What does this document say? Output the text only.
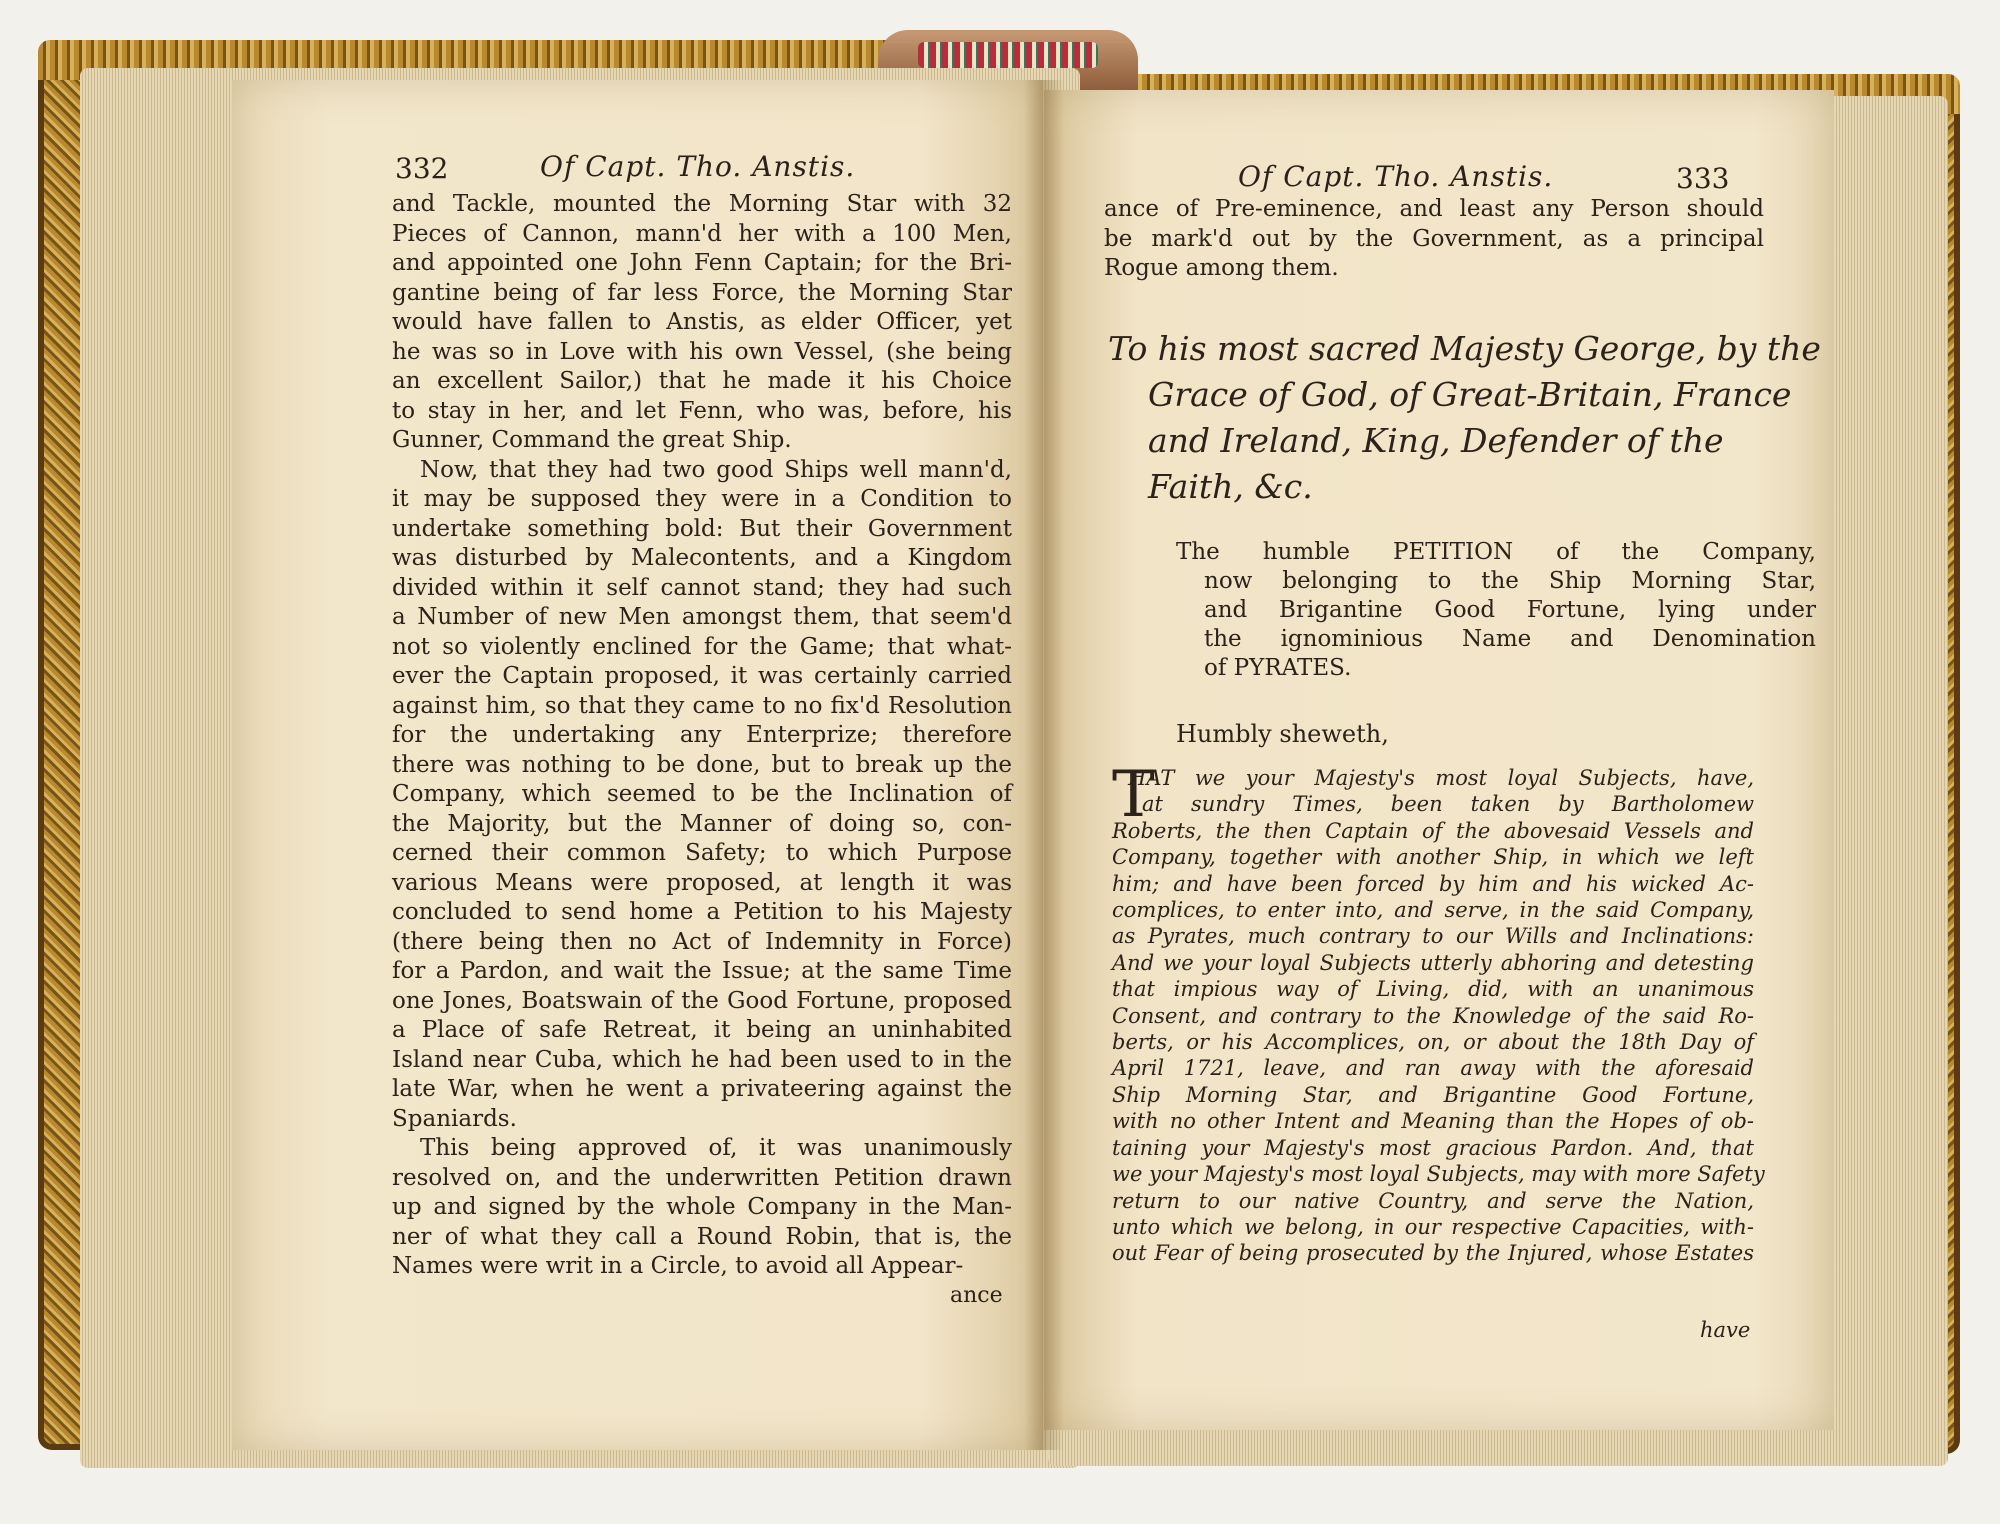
332	Of Capt. Tho. Anstis.
and Tackle, mounted the Morning Star with 32
Pieces of Cannon, mann'd her with a 100 Men,
and appointed one John Fenn Captain; for the Bri-
gantine being of far less Force, the Morning Star
would have fallen to Anstis, as elder Officer, yet
he was so in Love with his own Vessel, (she being
an excellent Sailor,) that he made it his Choice
to stay in her, and let Fenn, who was, before, his
Gunner, Command the great Ship.
Now, that they had two good Ships well mann'd,
it may be supposed they were in a Condition to
undertake something bold: But their Government
was disturbed by Malecontents, and a Kingdom
divided within it self cannot stand; they had such
a Number of new Men amongst them, that seem'd
not so violently enclined for the Game; that what-
ever the Captain proposed, it was certainly carried
against him, so that they came to no fix'd Resolution
for the undertaking any Enterprize; therefore
there was nothing to be done, but to break up the
Company, which seemed to be the Inclination of
the Majority, but the Manner of doing so, con-
cerned their common Safety; to which Purpose
various Means were proposed, at length it was
concluded to send home a Petition to his Majesty
(there being then no Act of Indemnity in Force)
for a Pardon, and wait the Issue; at the same Time
one Jones, Boatswain of the Good Fortune, proposed
a Place of safe Retreat, it being an uninhabited
Island near Cuba, which he had been used to in the
late War, when he went a privateering against the
Spaniards.
This being approved of, it was unanimously
resolved on, and the underwritten Petition drawn
up and signed by the whole Company in the Man-
ner of what they call a Round Robin, that is, the
Names were writ in a Circle, to avoid all Appear-
ance
Of Capt. Tho. Anstis.	333
ance of Pre-eminence, and least any Person should
be mark'd out by the Government, as a principal
Rogue among them.
To his most sacred Majesty George, by the
Grace of God, of Great-Britain, France
and Ireland, King, Defender of the
Faith, &c.
The humble PETITION of the Company,
now belonging to the Ship Morning Star,
and Brigantine Good Fortune, lying under
the ignominious Name and Denomination
of PYRATES.
Humbly sheweth,
T
HAT we your Majesty's most loyal Subjects, have,
at sundry Times, been taken by Bartholomew
Roberts, the then Captain of the abovesaid Vessels and
Company, together with another Ship, in which we left
him; and have been forced by him and his wicked Ac-
complices, to enter into, and serve, in the said Company,
as Pyrates, much contrary to our Wills and Inclinations:
And we your loyal Subjects utterly abhoring and detesting
that impious way of Living, did, with an unanimous
Consent, and contrary to the Knowledge of the said Ro-
berts, or his Accomplices, on, or about the 18th Day of
April 1721, leave, and ran away with the aforesaid
Ship Morning Star, and Brigantine Good Fortune,
with no other Intent and Meaning than the Hopes of ob-
taining your Majesty's most gracious Pardon. And, that
we your Majesty's most loyal Subjects, may with more Safety
return to our native Country, and serve the Nation,
unto which we belong, in our respective Capacities, with-
out Fear of being prosecuted by the Injured, whose Estates
have
